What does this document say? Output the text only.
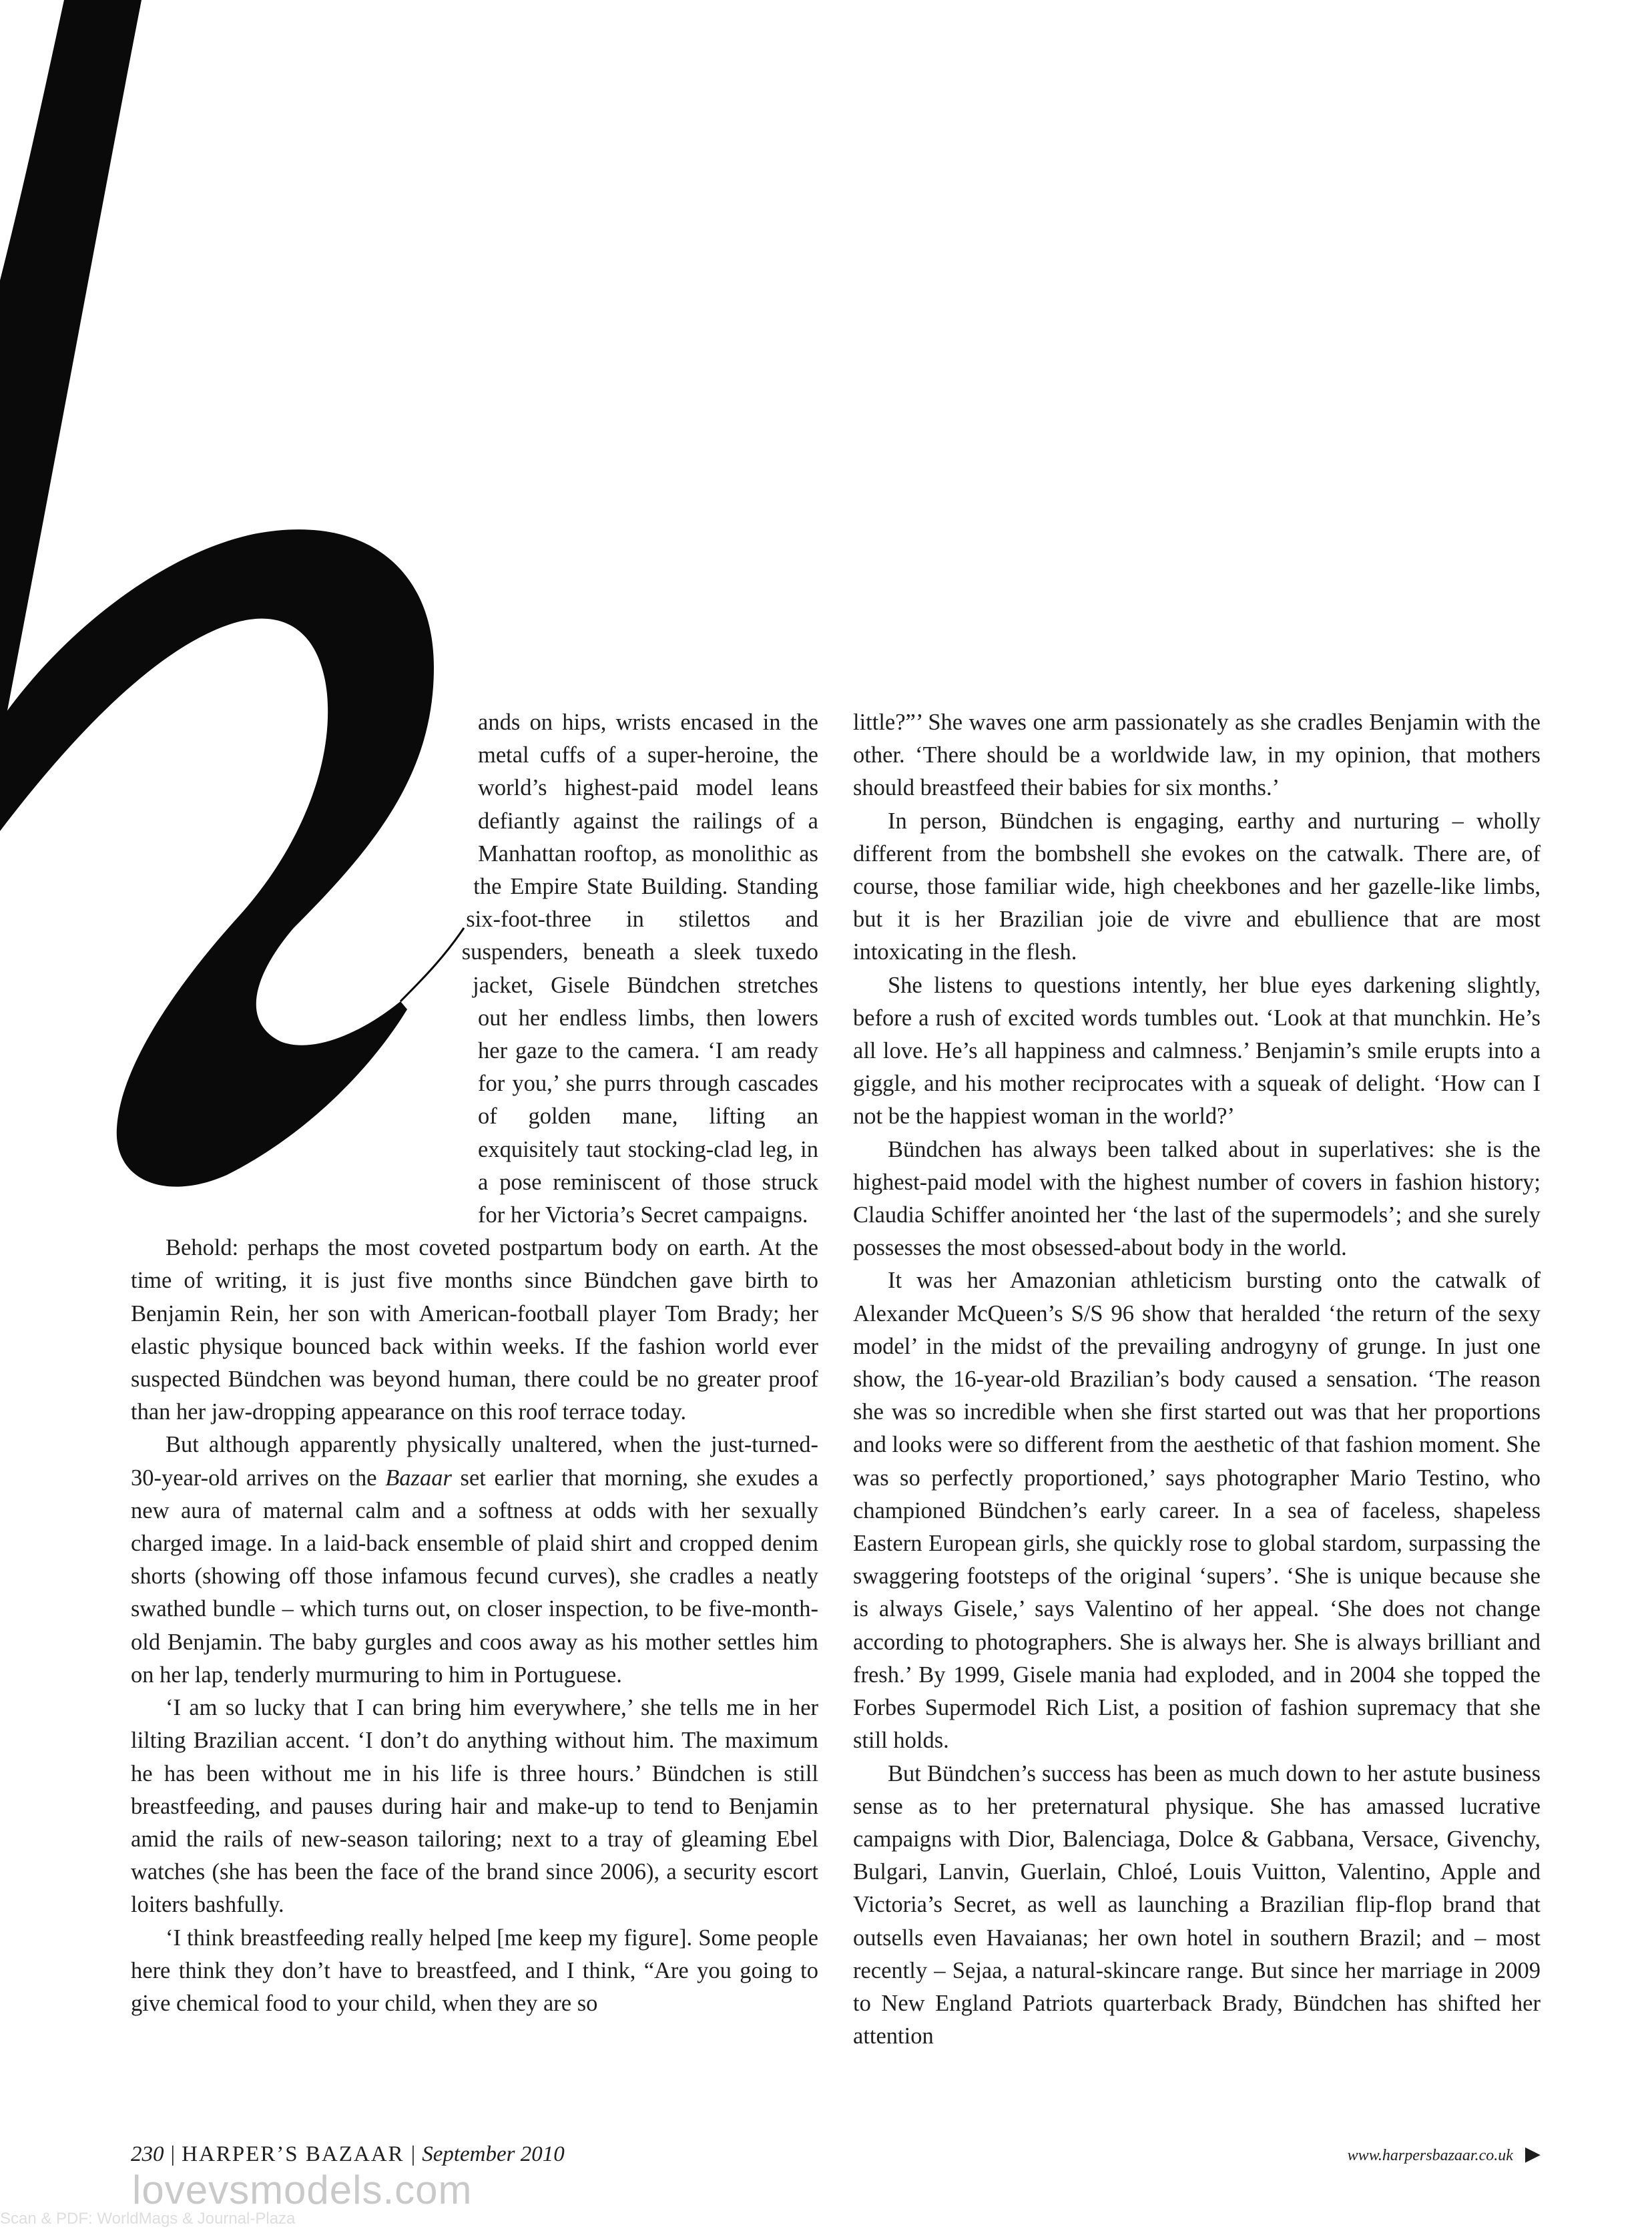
ands on hips, wrists encased in the metal cuffs of a super-heroine, the world’s highest-paid model leans defiantly against the railings of a Manhattan rooftop, as monolithic as the Empire State Building. Standing six-foot-three in stilettos and suspenders, beneath a sleek tuxedo jacket, Gisele Bündchen stretches out her endless limbs, then lowers her gaze to the camera. ‘I am ready for you,’ she purrs through cascades of golden mane, lifting an exquisitely taut stocking-clad leg, in a pose reminiscent of those struck for her Victoria’s Secret campaigns.

Behold: perhaps the most coveted postpartum body on earth. At the time of writing, it is just five months since Bündchen gave birth to Benjamin Rein, her son with American-football player Tom Brady; her elastic physique bounced back within weeks. If the fashion world ever suspected Bündchen was beyond human, there could be no greater proof than her jaw-dropping appearance on this roof terrace today.

But although apparently physically unaltered, when the just-turned-30-year-old arrives on the Bazaar set earlier that morning, she exudes a new aura of maternal calm and a softness at odds with her sexually charged image. In a laid-back ensemble of plaid shirt and cropped denim shorts (showing off those infamous fecund curves), she cradles a neatly swathed bundle – which turns out, on closer inspection, to be five-month-old Benjamin. The baby gurgles and coos away as his mother settles him on her lap, tenderly murmuring to him in Portuguese.

‘I am so lucky that I can bring him everywhere,’ she tells me in her lilting Brazilian accent. ‘I don’t do anything without him. The maximum he has been without me in his life is three hours.’ Bündchen is still breastfeeding, and pauses during hair and make-up to tend to Benjamin amid the rails of new-season tailoring; next to a tray of gleaming Ebel watches (she has been the face of the brand since 2006), a security escort loiters bashfully.

‘I think breastfeeding really helped [me keep my figure]. Some people here think they don’t have to breastfeed, and I think, “Are you going to give chemical food to your child, when they are so

little?”’ She waves one arm passionately as she cradles Benjamin with the other. ‘There should be a worldwide law, in my opinion, that mothers should breastfeed their babies for six months.’

In person, Bündchen is engaging, earthy and nurturing – wholly different from the bombshell she evokes on the catwalk. There are, of course, those familiar wide, high cheekbones and her gazelle-like limbs, but it is her Brazilian joie de vivre and ebullience that are most intoxicating in the flesh.

She listens to questions intently, her blue eyes darkening slightly, before a rush of excited words tumbles out. ‘Look at that munchkin. He’s all love. He’s all happiness and calmness.’ Benjamin’s smile erupts into a giggle, and his mother reciprocates with a squeak of delight. ‘How can I not be the happiest woman in the world?’

Bündchen has always been talked about in superlatives: she is the highest-paid model with the highest number of covers in fashion history; Claudia Schiffer anointed her ‘the last of the supermodels’; and she surely possesses the most obsessed-about body in the world.

It was her Amazonian athleticism bursting onto the catwalk of Alexander McQueen’s S/S 96 show that heralded ‘the return of the sexy model’ in the midst of the prevailing androgyny of grunge. In just one show, the 16-year-old Brazilian’s body caused a sensation. ‘The reason she was so incredible when she first started out was that her proportions and looks were so different from the aesthetic of that fashion moment. She was so perfectly proportioned,’ says photographer Mario Testino, who championed Bündchen’s early career. In a sea of faceless, shapeless Eastern European girls, she quickly rose to global stardom, surpassing the swaggering footsteps of the original ‘supers’. ‘She is unique because she is always Gisele,’ says Valentino of her appeal. ‘She does not change according to photographers. She is always her. She is always brilliant and fresh.’ By 1999, Gisele mania had exploded, and in 2004 she topped the Forbes Supermodel Rich List, a position of fashion supremacy that she still holds.

But Bündchen’s success has been as much down to her astute business sense as to her preternatural physique. She has amassed lucrative campaigns with Dior, Balenciaga, Dolce & Gabbana, Versace, Givenchy, Bulgari, Lanvin, Guerlain, Chloé, Louis Vuitton, Valentino, Apple and Victoria’s Secret, as well as launching a Brazilian flip-flop brand that outsells even Havaianas; her own hotel in southern Brazil; and – most recently – Sejaa, a natural-skincare range. But since her marriage in 2009 to New England Patriots quarterback Brady, Bündchen has shifted her attention

230 | HARPER’S BAZAAR | September 2010	www.harpersbazaar.co.uk ▶
lovevsmodels.com
Scan & PDF: WorldMags & Journal-Plaza
